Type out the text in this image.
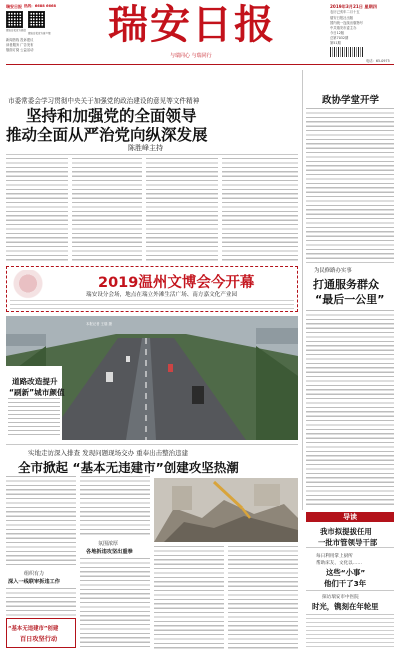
瑞安日报 热线：6688 6668
瑞安日报官方微信
瑞安日报官方客户端
新闻热线 投诉建议
读者服务 广告发布
版面订阅 公益活动
瑞安日报
与瑞同心 与瑞同行
2019年3月21日 星期四
农历己亥年二月十五
瑞安日报社出版
国内统一连续出版物号
中共瑞安市委主办
今日12版
总第7032期
第51期
电话：65-0975
市委常委会学习贯彻中央关于加强党的政治建设的意见等文件精神
坚持和加强党的全面领导
推动全面从严治党向纵深发展
陈胜峰主持
政协学堂开学
为民修路办实事
打通服务群众
“最后一公里”
2019温州文博会今开幕
瑞安设分会场，地点在瑞立外滩生活广场、南方嘉文化产业园
本报记者 王瑞 摄
道路改造提升
“刷新”城市颜值
实地走访深入排查 发现问题现场交办 重奉出击整治违建
全市掀起 “基本无违建市”创建攻坚热潮
组织有力
深入一线联审拆违工作
“基本无违建市”创建
百日攻坚行动
氛围浓厚
各地拆违攻坚出重拳
导读
我市拟提拔任用
一批市管领导干部
每日利用掌上厨所
帮助床友、文化以……
这些“小事”
他们干了3年
探访瑞安市中医院
时光，镌刻在年轮里
